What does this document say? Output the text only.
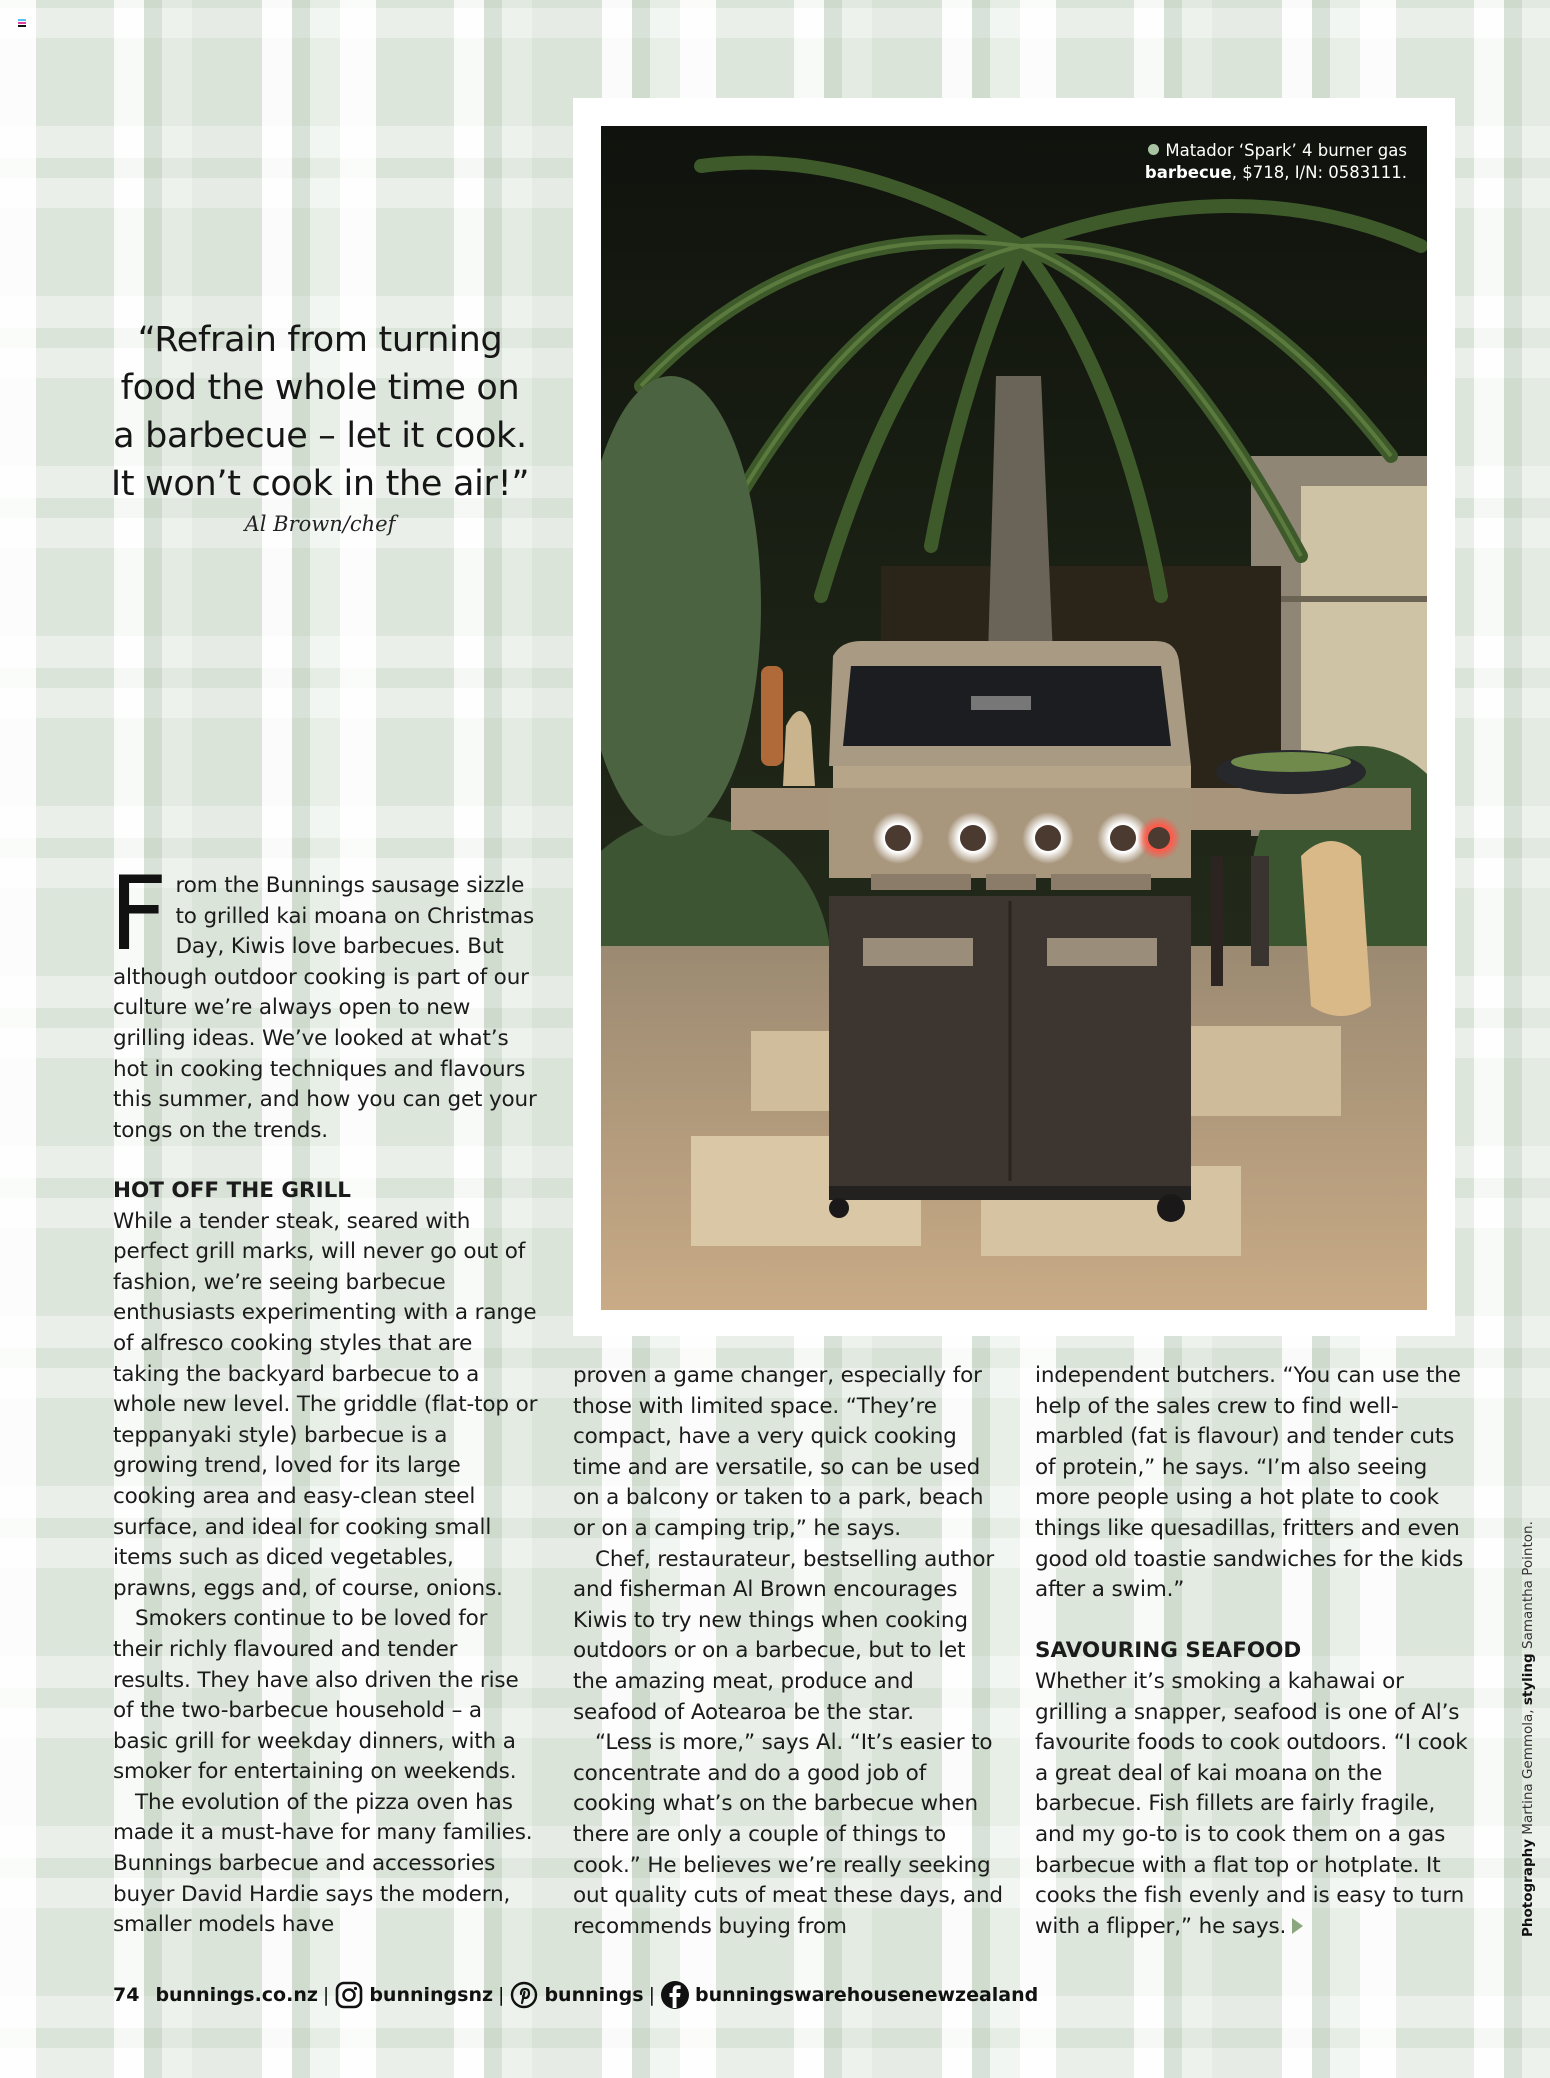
“Refrain from turning
food the whole time on
a barbecue – let it cook.
It won’t cook in the air!”
Al Brown/chef
Matador ‘Spark’ 4 burner gas
barbecue, $718, I/N: 0583111.
F rom the Bunnings sausage sizzle to grilled kai moana on Christmas Day, Kiwis love barbecues. But although outdoor cooking is part of our culture we’re always open to new grilling ideas. We’ve looked at what’s hot in cooking techniques and flavours this summer, and how you can get your tongs on the trends.

HOT OFF THE GRILL

While a tender steak, seared with perfect grill marks, will never go out of fashion, we’re seeing barbecue enthusiasts experimenting with a range of alfresco cooking styles that are taking the backyard barbecue to a whole new level. The griddle (flat-top or teppanyaki style) barbecue is a growing trend, loved for its large cooking area and easy-clean steel surface, and ideal for cooking small items such as diced vegetables, prawns, eggs and, of course, onions.

Smokers continue to be loved for their richly flavoured and tender results. They have also driven the rise of the two-barbecue household – a basic grill for weekday dinners, with a smoker for entertaining on weekends.

The evolution of the pizza oven has made it a must-have for many families. Bunnings barbecue and accessories buyer David Hardie says the modern, smaller models have

proven a game changer, especially for those with limited space. “They’re compact, have a very quick cooking time and are versatile, so can be used on a balcony or taken to a park, beach or on a camping trip,” he says.

Chef, restaurateur, bestselling author and fisherman Al Brown encourages Kiwis to try new things when cooking outdoors or on a barbecue, but to let the amazing meat, produce and seafood of Aotearoa be the star.

“Less is more,” says Al. “It’s easier to concentrate and do a good job of cooking what’s on the barbecue when there are only a couple of things to cook.” He believes we’re really seeking out quality cuts of meat these days, and recommends buying from

independent butchers. “You can use the help of the sales crew to find well-marbled (fat is flavour) and tender cuts of protein,” he says. “I’m also seeing more people using a hot plate to cook things like quesadillas, fritters and even good old toastie sandwiches for the kids after a swim.”

SAVOURING SEAFOOD

Whether it’s smoking a kahawai or grilling a snapper, seafood is one of Al’s favourite foods to cook outdoors. “I cook a great deal of kai moana on the barbecue. Fish fillets are fairly fragile, and my go-to is to cook them on a gas barbecue with a flat top or hotplate. It cooks the fish evenly and is easy to turn with a flipper,” he says.	Photography Martina Gemmola, styling Samantha Pointon.
74 bunnings.co.nz | bunningsnz | bunnings | bunningswarehousenewzealand
